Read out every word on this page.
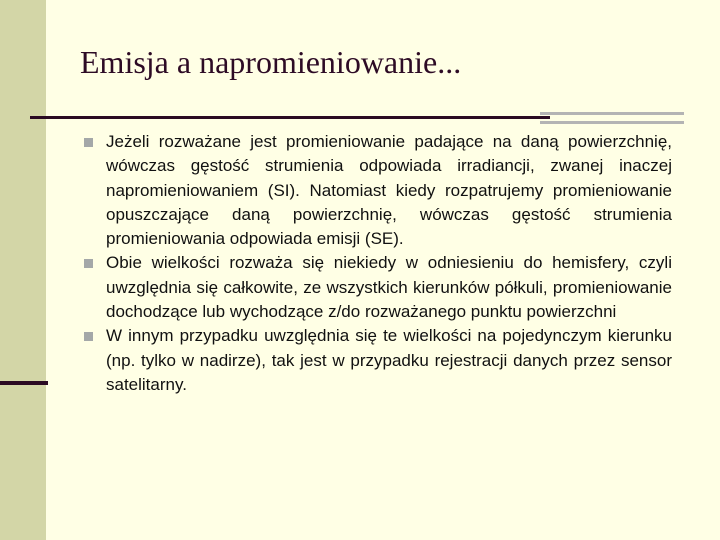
Emisja a napromieniowanie...
Jeżeli rozważane jest promieniowanie padające na daną powierzchnię, wówczas gęstość strumienia odpowiada irradiancji, zwanej inaczej napromieniowaniem (SI). Natomiast kiedy rozpatrujemy promieniowanie opuszczające daną powierzchnię, wówczas gęstość strumienia promieniowania odpowiada emisji (SE).
Obie wielkości rozważa się niekiedy w odniesieniu do hemisfery, czyli uwzględnia się całkowite, ze wszystkich kierunków półkuli, promieniowanie dochodzące lub wychodzące z/do rozważanego punktu powierzchni
W innym przypadku uwzględnia się te wielkości na pojedynczym kierunku (np. tylko w nadirze), tak jest w przypadku rejestracji danych przez sensor satelitarny.
